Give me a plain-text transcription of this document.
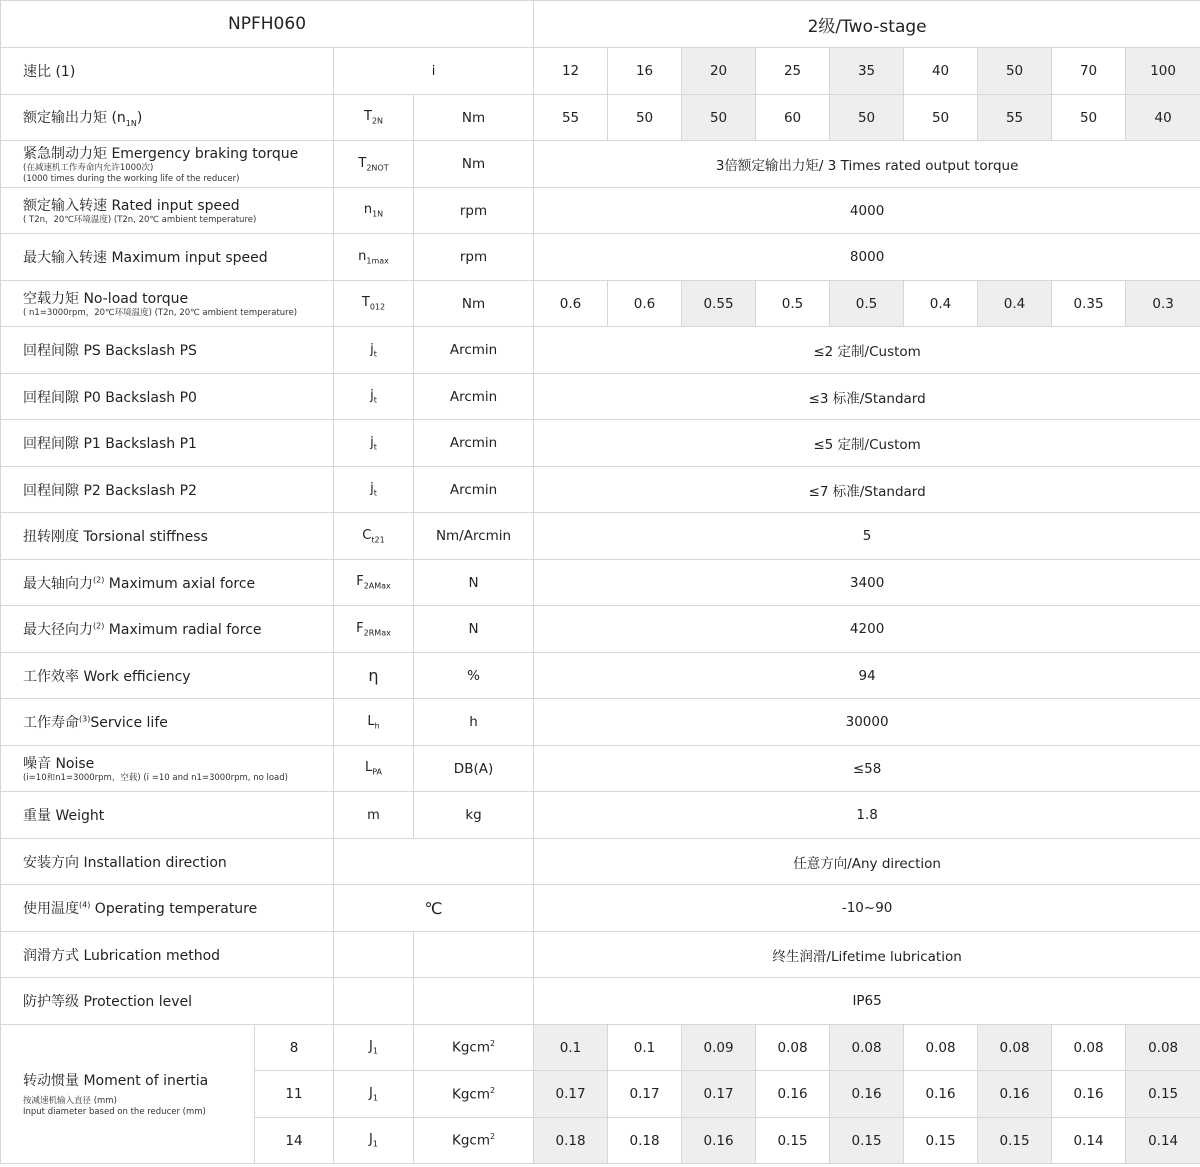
NPFH060				2级/Two-stage								
速比 (1)		i		12	16	20	25	35	40	50	70	100
额定输出力矩 $(n_{1N})$		$T_{2N}$	Nm	55	50	50	60	50	50	55	50	40
紧急制动力矩 Emergency braking torque
(在减速机工作寿命内允许1000次)
(1000 times during the working life of the reducer)		$T_{2NOT}$	Nm	3倍额定输出力矩/ 3 Times rated output torque								
额定输入转速 Rated input speed
( T2n，20℃环境温度) (T2n, 20℃ ambient temperature)		$n_{1N}$	rpm	4000								
最大输入转速 Maximum input speed		$n_{1max}$	rpm	8000								
空载力矩 No-load torque
( n1=3000rpm，20℃环境温度) (T2n, 20℃ ambient temperature)		$T_{012}$	Nm	0.6	0.6	0.55	0.5	0.5	0.4	0.4	0.35	0.3
回程间隙 PS Backslash PS		$j_t$	Arcmin	≤2 定制/Custom								
回程间隙 P0 Backslash P0		$j_t$	Arcmin	≤3 标准/Standard								
回程间隙 P1 Backslash P1		$j_t$	Arcmin	≤5 定制/Custom								
回程间隙 P2 Backslash P2		$j_t$	Arcmin	≤7 标准/Standard								
扭转刚度 Torsional stiffness		$C_{t21}$	Nm/Arcmin	5								
最大轴向力$^{(2)}$ Maximum axial force		$F_{2AMax}$	N	3400								
最大径向力$^{(2)}$ Maximum radial force		$F_{2RMax}$	N	4200								
工作效率 Work efficiency		η	%	94								
工作寿命$^{(3)}$Service life		$L_h$	h	30000								
噪音 Noise
(i=10和n1=3000rpm，空载) (i =10 and n1=3000rpm, no load)		$L_{PA}$	DB(A)	≤58								
重量 Weight		m	kg	1.8								
安装方向 Installation direction				任意方向/Any direction								
使用温度$^{(4)}$ Operating temperature		℃		-10~90								
润滑方式 Lubrication method				终生润滑/Lifetime lubrication								
防护等级 Protection level				IP65								
转动惯量 Moment of inertia
按减速机输入直径 (mm)
Input diameter based on the reducer (mm)	8	$J_1$	Kgcm$^2$	0.1	0.1	0.09	0.08	0.08	0.08	0.08	0.08	0.08
	11	$J_1$	Kgcm$^2$	0.17	0.17	0.17	0.16	0.16	0.16	0.16	0.16	0.15
	14	$J_1$	Kgcm$^2$	0.18	0.18	0.16	0.15	0.15	0.15	0.15	0.14	0.14
